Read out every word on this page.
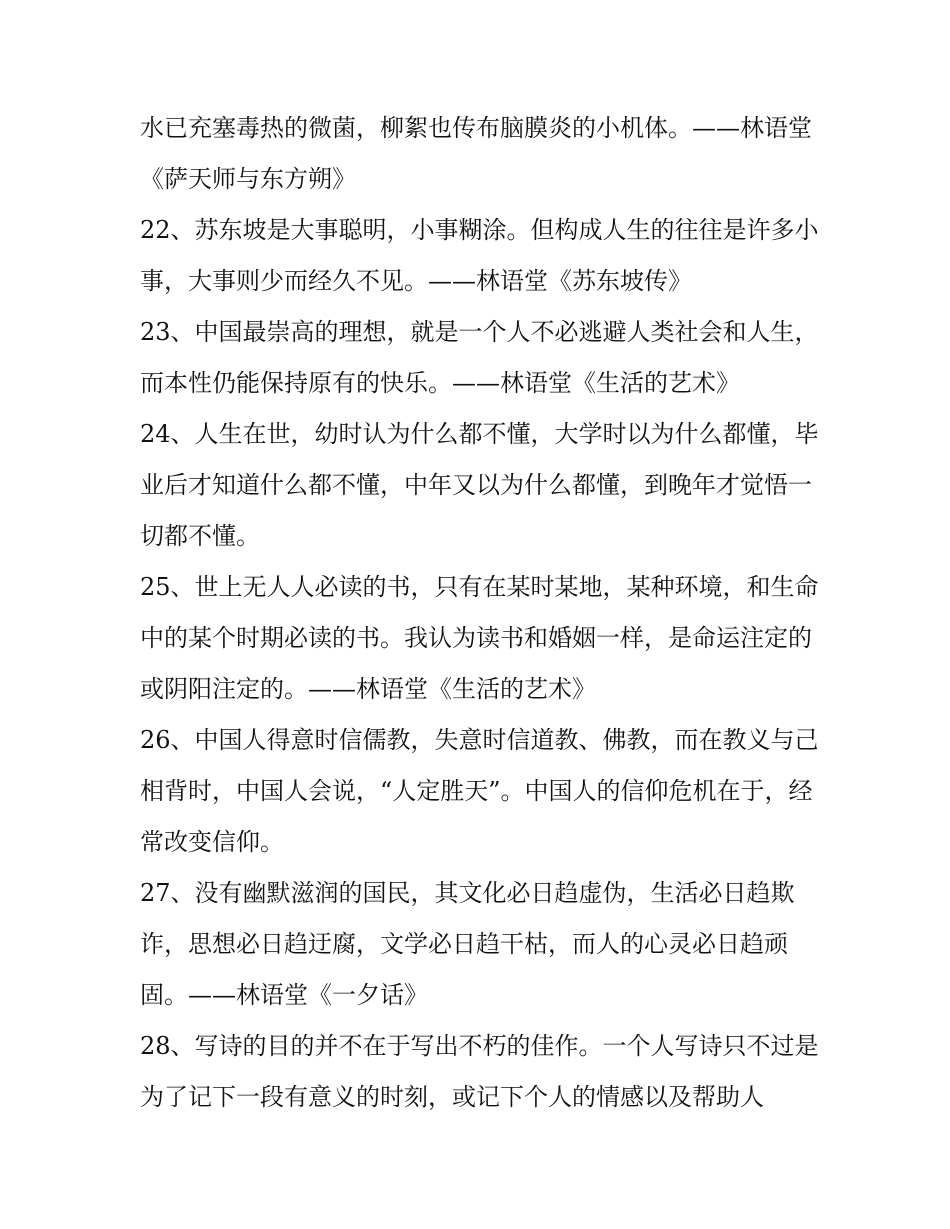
水已充塞毒热的微菌，柳絮也传布脑膜炎的小机体。——林语堂《萨天师与东方朔》

22、苏东坡是大事聪明，小事糊涂。但构成人生的往往是许多小事，大事则少而经久不见。——林语堂《苏东坡传》

23、中国最崇高的理想，就是一个人不必逃避人类社会和人生，而本性仍能保持原有的快乐。——林语堂《生活的艺术》

24、人生在世，幼时认为什么都不懂，大学时以为什么都懂，毕业后才知道什么都不懂，中年又以为什么都懂，到晚年才觉悟一切都不懂。

25、世上无人人必读的书，只有在某时某地，某种环境，和生命中的某个时期必读的书。我认为读书和婚姻一样，是命运注定的或阴阳注定的。——林语堂《生活的艺术》

26、中国人得意时信儒教，失意时信道教、佛教，而在教义与己相背时，中国人会说，“人定胜天”。中国人的信仰危机在于，经常改变信仰。

27、没有幽默滋润的国民，其文化必日趋虚伪，生活必日趋欺诈，思想必日趋迂腐，文学必日趋干枯，而人的心灵必日趋顽固。——林语堂《一夕话》

28、写诗的目的并不在于写出不朽的佳作。一个人写诗只不过是为了记下一段有意义的时刻，或记下个人的情感以及帮助人
